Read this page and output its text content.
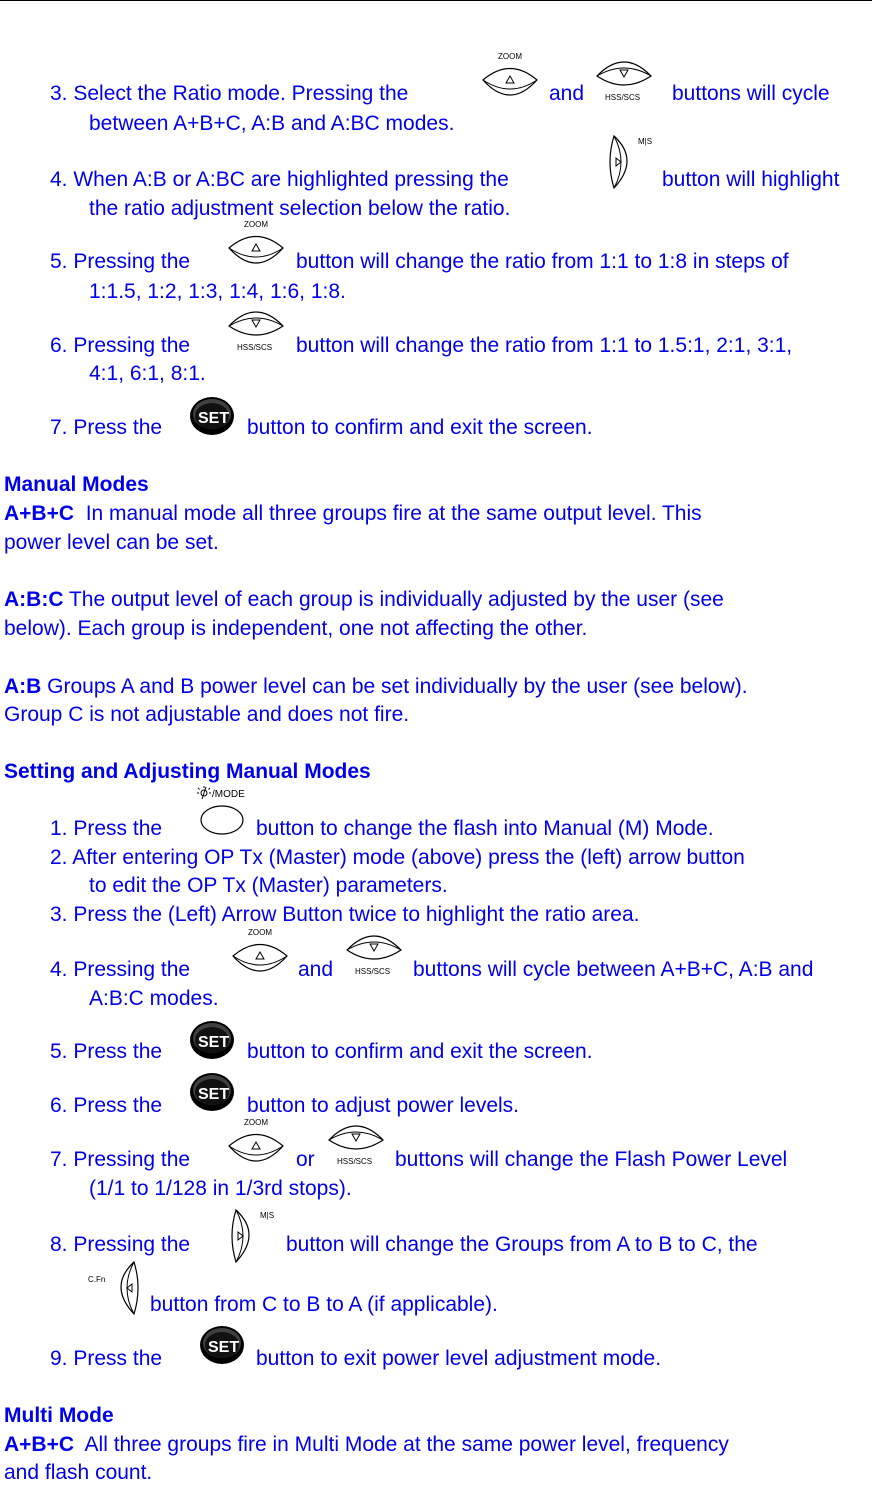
3. Select the Ratio mode. Pressing the
ZOOM
and	HSS/SCS buttons will cycle
between A+B+C, A:B and A:BC modes.
4. When A:B or A:BC are highlighted pressing the
M|S
button will highlight
the ratio adjustment selection below the ratio.
5. Pressing the
ZOOM
button will change the ratio from 1:1 to 1:8 in steps of
1:1.5, 1:2, 1:3, 1:4, 1:6, 1:8.
6. Pressing the	HSS/SCS button will change the ratio from 1:1 to 1.5:1, 2:1, 3:1,
4:1, 6:1, 8:1.
7. Press the SET button to confirm and exit the screen.
Manual Modes
A+B+C In manual mode all three groups fire at the same output level. This
power level can be set.
A:B:C The output level of each group is individually adjusted by the user (see
below). Each group is independent, one not affecting the other.
A:B Groups A and B power level can be set individually by the user (see below).
Group C is not adjustable and does not fire.
Setting and Adjusting Manual Modes
1. Press the
/MODE
button to change the flash into Manual (M) Mode.
2. After entering OP Tx (Master) mode (above) press the (left) arrow button
to edit the OP Tx (Master) parameters.
3. Press the (Left) Arrow Button twice to highlight the ratio area.
4. Pressing the
ZOOM
and	HSS/SCS buttons will cycle between A+B+C, A:B and
A:B:C modes.
5. Press the SET button to confirm and exit the screen.
6. Press the SET button to adjust power levels.
7. Pressing the
ZOOM
or	HSS/SCS buttons will change the Flash Power Level
(1/1 to 1/128 in 1/3rd stops).
8. Pressing the
M|S
button will change the Groups from A to B to C, the
C.Fn
button from C to B to A (if applicable).
9. Press the	SET button to exit power level adjustment mode.
Multi Mode
A+B+C All three groups fire in Multi Mode at the same power level, frequency
and flash count.
